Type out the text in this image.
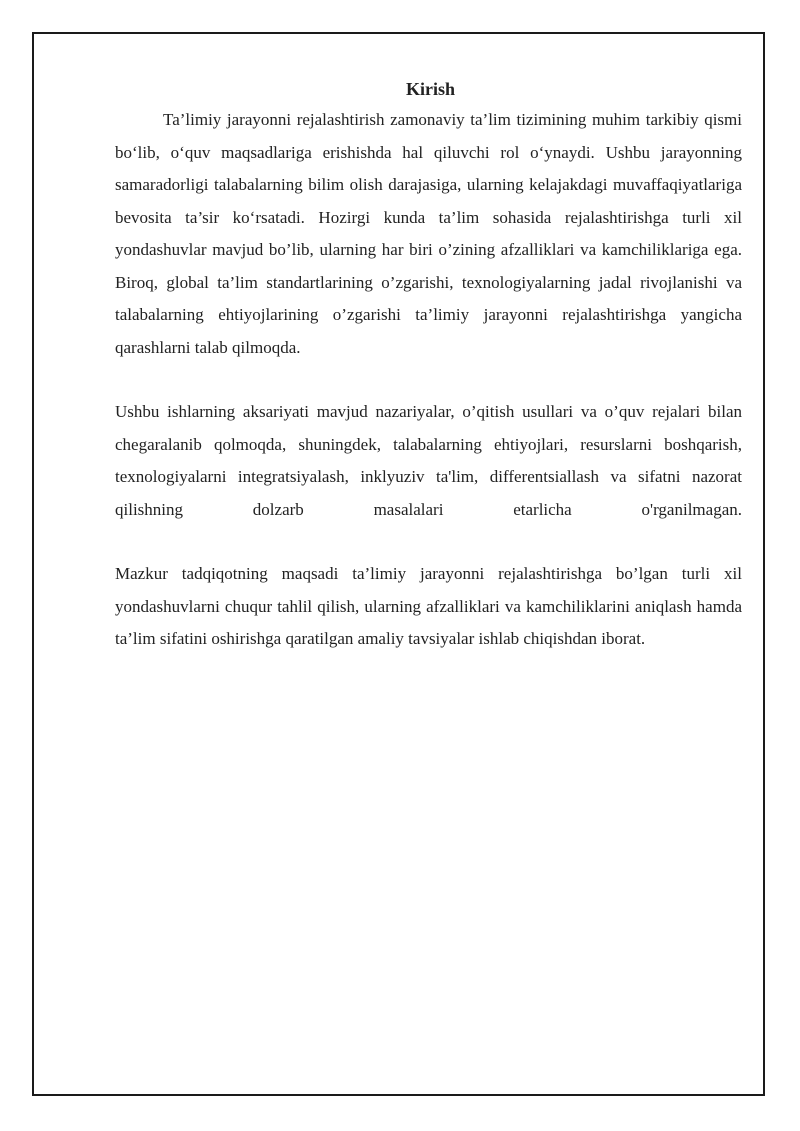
Kirish

Ta’limiy jarayonni rejalashtirish zamonaviy ta’lim tizimining muhim tarkibiy qismi bo‘lib, o‘quv maqsadlariga erishishda hal qiluvchi rol o‘ynaydi. Ushbu jarayonning samaradorligi talabalarning bilim olish darajasiga, ularning kelajakdagi muvaffaqiyatlariga bevosita ta’sir ko‘rsatadi. Hozirgi kunda ta’lim sohasida rejalashtirishga turli xil yondashuvlar mavjud bo’lib, ularning har biri o’zining afzalliklari va kamchiliklariga ega. Biroq, global ta’lim standartlarining o’zgarishi, texnologiyalarning jadal rivojlanishi va talabalarning ehtiyojlarining o’zgarishi ta’limiy jarayonni rejalashtirishga yangicha qarashlarni talab qilmoqda.

Ushbu ishlarning aksariyati mavjud nazariyalar, o’qitish usullari va o’quv rejalari bilan chegaralanib qolmoqda, shuningdek, talabalarning ehtiyojlari, resurslarni boshqarish, texnologiyalarni integratsiyalash, inklyuziv ta'lim, differentsiallash va sifatni nazorat qilishning dolzarb masalalari etarlicha o'rganilmagan.

Mazkur tadqiqotning maqsadi ta’limiy jarayonni rejalashtirishga bo’lgan turli xil yondashuvlarni chuqur tahlil qilish, ularning afzalliklari va kamchiliklarini aniqlash hamda ta’lim sifatini oshirishga qaratilgan amaliy tavsiyalar ishlab chiqishdan iborat.
